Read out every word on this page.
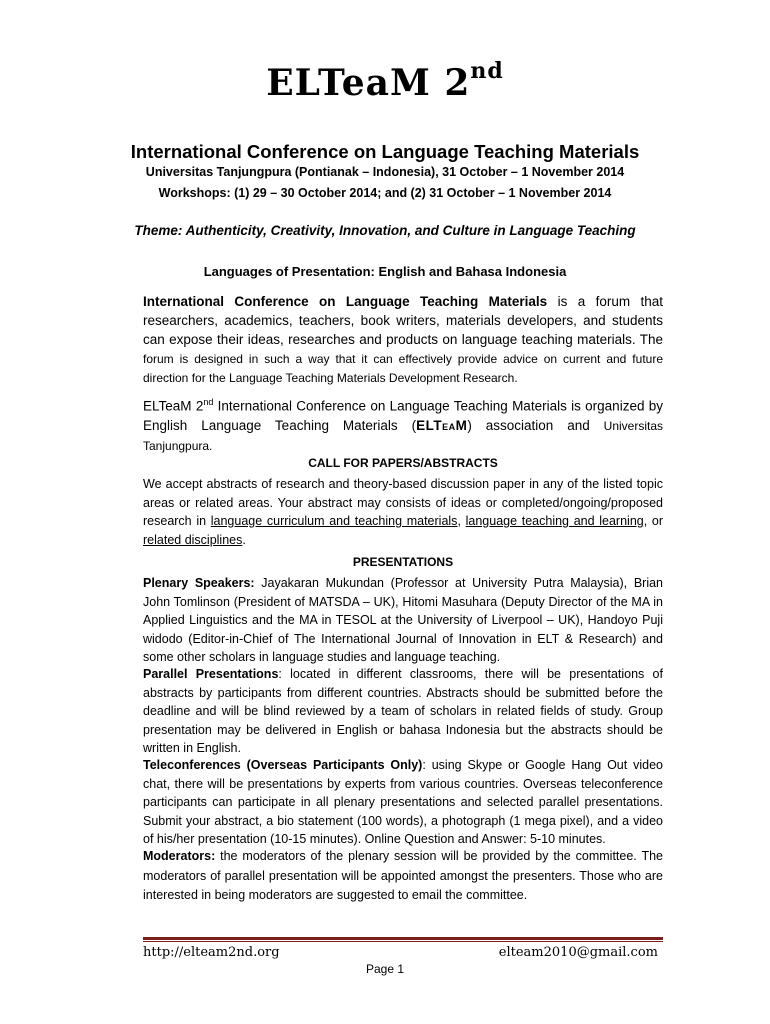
ELTeaM 2nd
International Conference on Language Teaching Materials
Universitas Tanjungpura (Pontianak – Indonesia), 31 October – 1 November 2014
Workshops: (1) 29 – 30 October 2014; and (2) 31 October – 1 November 2014
Theme: Authenticity, Creativity, Innovation, and Culture in Language Teaching
Languages of Presentation: English and Bahasa Indonesia
International Conference on Language Teaching Materials is a forum that researchers, academics, teachers, book writers, materials developers, and students can expose their ideas, researches and products on language teaching materials. The forum is designed in such a way that it can effectively provide advice on current and future direction for the Language Teaching Materials Development Research.
ELTeaM 2nd International Conference on Language Teaching Materials is organized by English Language Teaching Materials (ELTeaM) association and Universitas Tanjungpura.
CALL FOR PAPERS/ABSTRACTS
We accept abstracts of research and theory-based discussion paper in any of the listed topic areas or related areas. Your abstract may consists of ideas or completed/ongoing/proposed research in language curriculum and teaching materials, language teaching and learning, or related disciplines.
PRESENTATIONS
Plenary Speakers: Jayakaran Mukundan (Professor at University Putra Malaysia), Brian John Tomlinson (President of MATSDA – UK), Hitomi Masuhara (Deputy Director of the MA in Applied Linguistics and the MA in TESOL at the University of Liverpool – UK), Handoyo Puji widodo (Editor-in-Chief of The International Journal of Innovation in ELT & Research) and some other scholars in language studies and language teaching.
Parallel Presentations: located in different classrooms, there will be presentations of abstracts by participants from different countries. Abstracts should be submitted before the deadline and will be blind reviewed by a team of scholars in related fields of study. Group presentation may be delivered in English or bahasa Indonesia but the abstracts should be written in English.
Teleconferences (Overseas Participants Only): using Skype or Google Hang Out video chat, there will be presentations by experts from various countries. Overseas teleconference participants can participate in all plenary presentations and selected parallel presentations. Submit your abstract, a bio statement (100 words), a photograph (1 mega pixel), and a video of his/her presentation (10-15 minutes). Online Question and Answer: 5-10 minutes.
Moderators: the moderators of the plenary session will be provided by the committee. The moderators of parallel presentation will be appointed amongst the presenters. Those who are interested in being moderators are suggested to email the committee.
http://elteam2nd.org	elteam2010@gmail.com
Page 1
